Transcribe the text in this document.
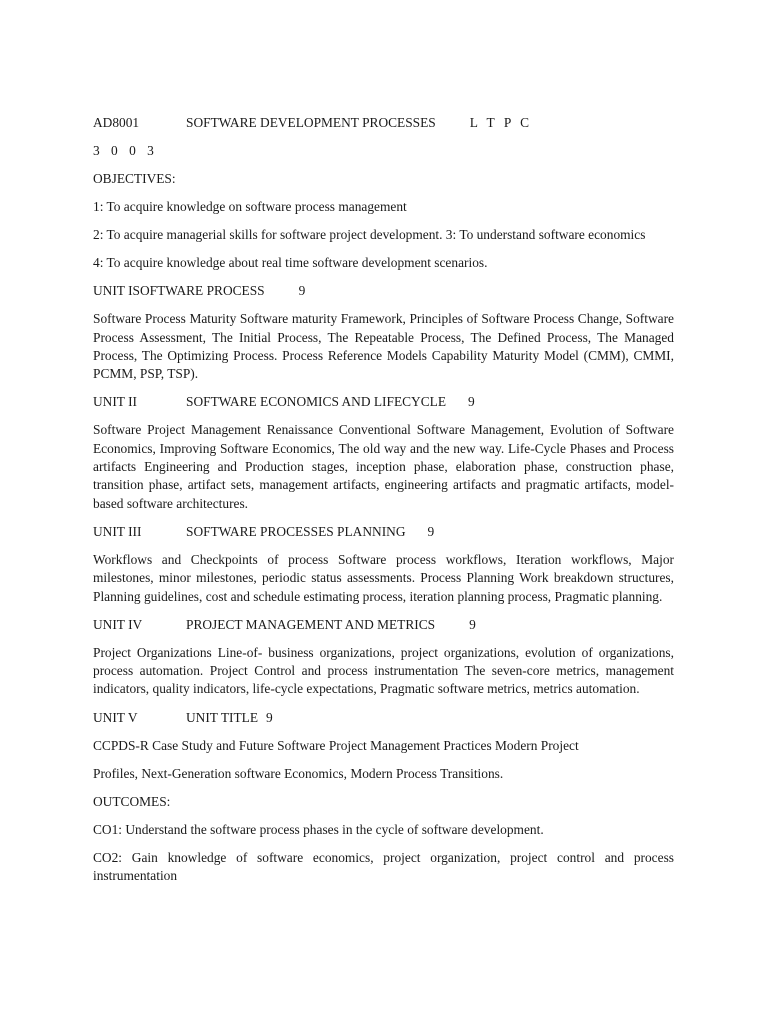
AD8001	SOFTWARE DEVELOPMENT PROCESSES	L T P C
3 0 0 3
OBJECTIVES:
1: To acquire knowledge on software process management
2: To acquire managerial skills for software project development. 3: To understand software economics
4: To acquire knowledge about real time software development scenarios.
UNIT ISOFTWARE PROCESS	9
Software Process Maturity Software maturity Framework, Principles of Software Process Change, Software Process Assessment, The Initial Process, The Repeatable Process, The Defined Process, The Managed Process, The Optimizing Process. Process Reference Models Capability Maturity Model (CMM), CMMI, PCMM, PSP, TSP).
UNIT II	SOFTWARE ECONOMICS AND LIFECYCLE 9
Software Project Management Renaissance Conventional Software Management, Evolution of Software Economics, Improving Software Economics, The old way and the new way. Life-Cycle Phases and Process artifacts Engineering and Production stages, inception phase, elaboration phase, construction phase, transition phase, artifact sets, management artifacts, engineering artifacts and pragmatic artifacts, model-based software architectures.
UNIT III	SOFTWARE PROCESSES PLANNING 9
Workflows and Checkpoints of process Software process workflows, Iteration workflows, Major milestones, minor milestones, periodic status assessments. Process Planning Work breakdown structures, Planning guidelines, cost and schedule estimating process, iteration planning process, Pragmatic planning.
UNIT IV	PROJECT MANAGEMENT AND METRICS	9
Project Organizations Line-of- business organizations, project organizations, evolution of organizations, process automation. Project Control and process instrumentation The seven-core metrics, management indicators, quality indicators, life-cycle expectations, Pragmatic software metrics, metrics automation.
UNIT V	UNIT TITLE 9
CCPDS-R Case Study and Future Software Project Management Practices Modern Project
Profiles, Next-Generation software Economics, Modern Process Transitions.
OUTCOMES:
CO1: Understand the software process phases in the cycle of software development.
CO2: Gain knowledge of software economics, project organization, project control and process instrumentation
